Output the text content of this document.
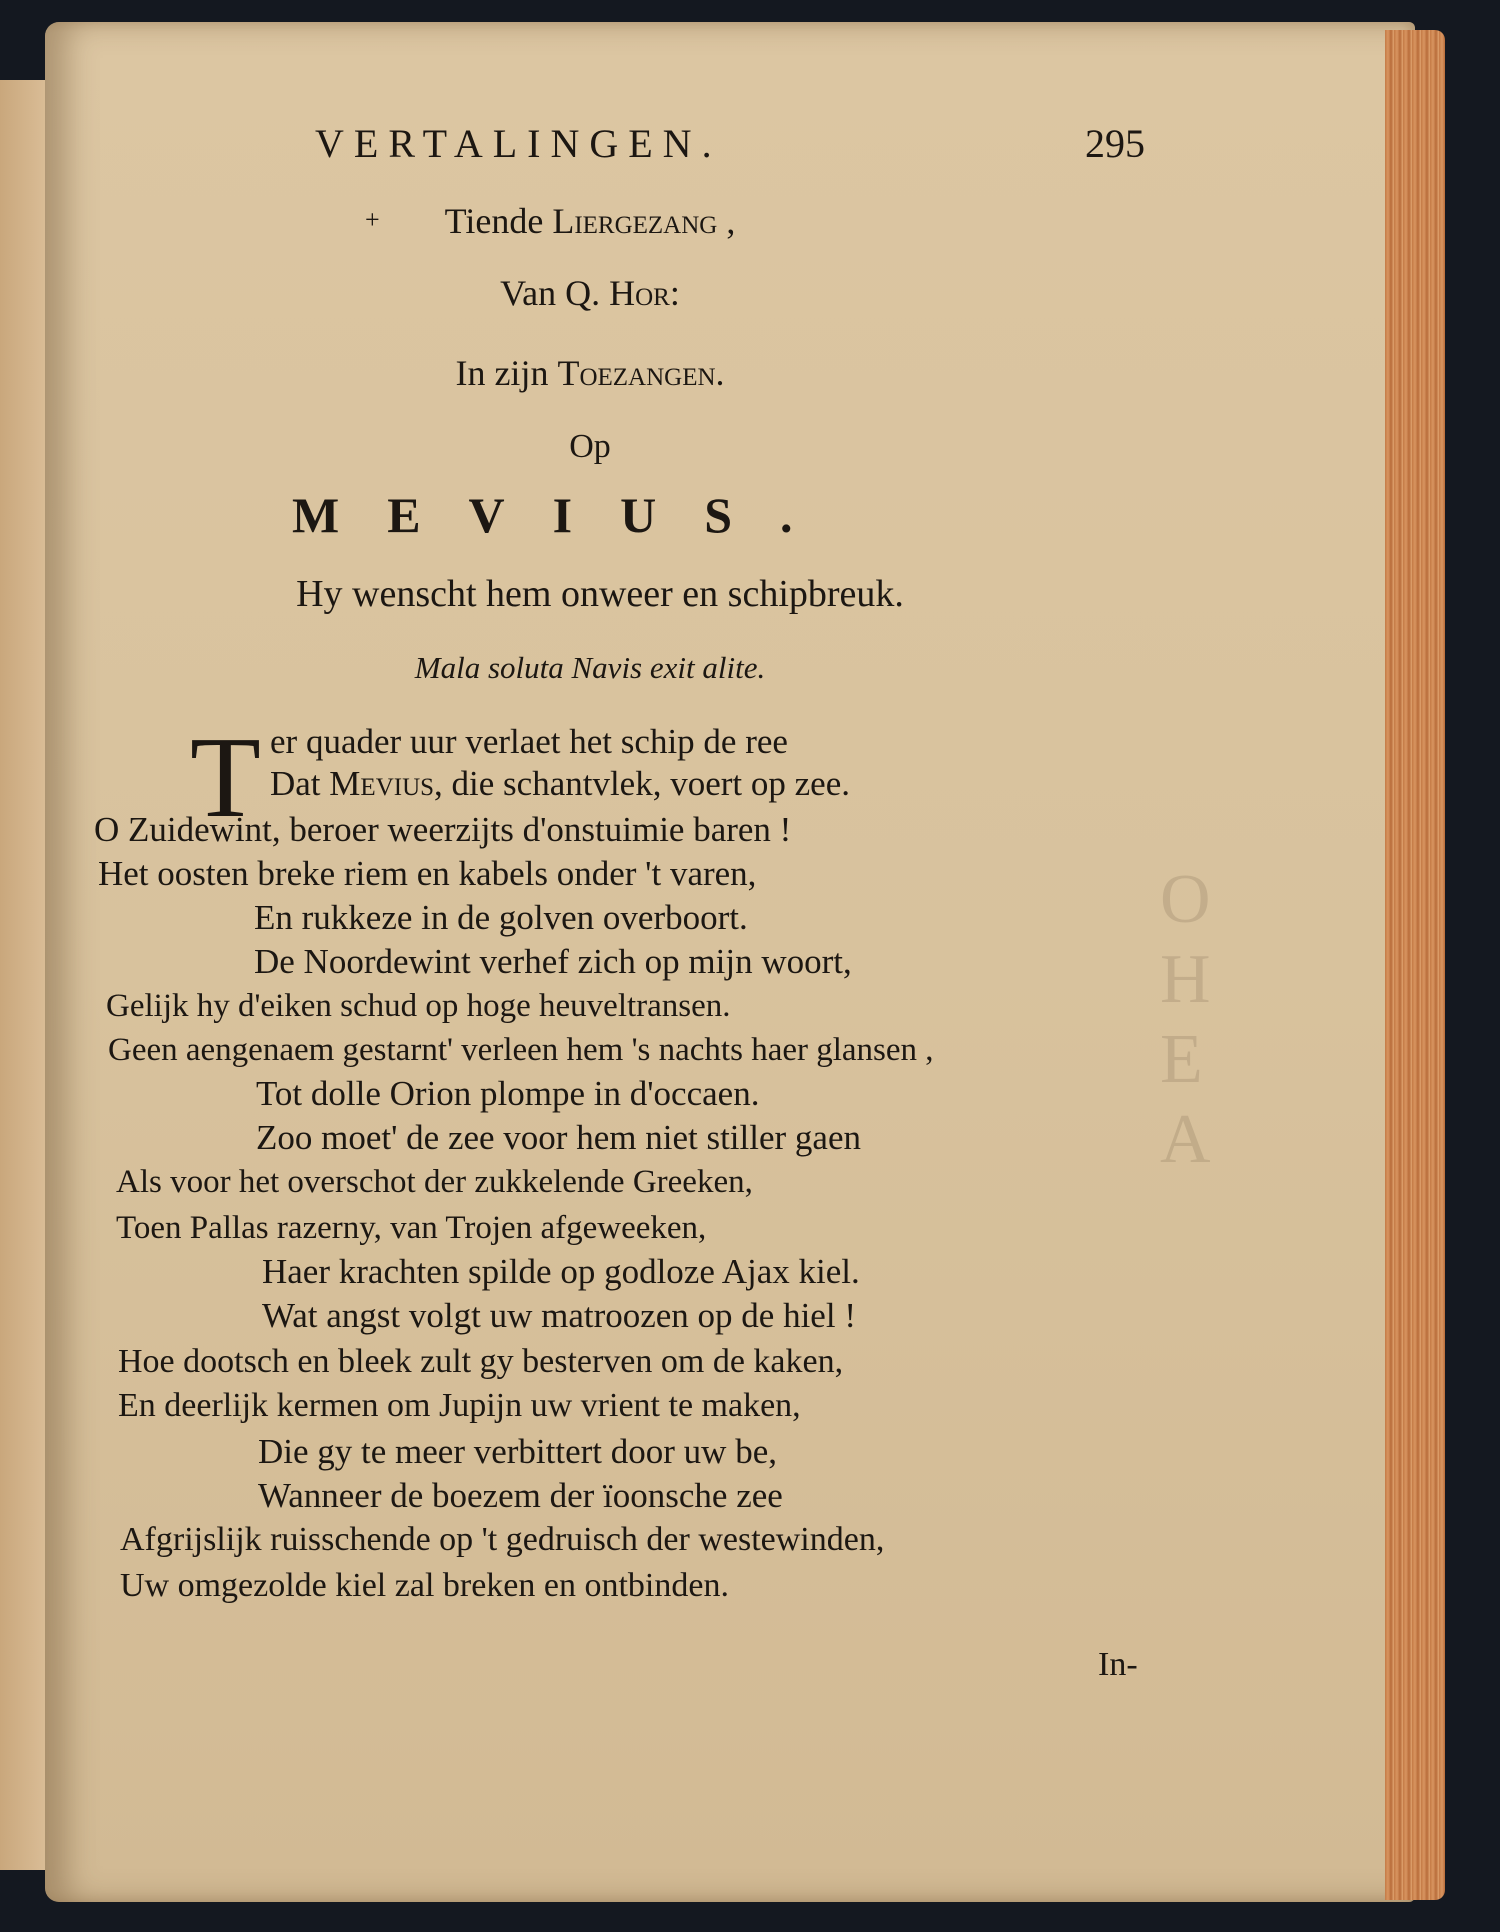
O
H
E
A
VERTALINGEN.	295
+	Tiende Liergezang ,
Van Q. Hor:
In zijn Toezangen.
Op
MEVIUS.
Hy wenscht hem onweer en schipbreuk.
Mala soluta Navis exit alite.
T er quader uur verlaet het schip de ree
Dat Mevius, die schantvlek, voert op zee.
O Zuidewint, beroer weerzijts d'onstuimie baren !
Het oosten breke riem en kabels onder 't varen,
En rukkeze in de golven overboort.
De Noordewint verhef zich op mijn woort,
Gelijk hy d'eiken schud op hoge heuveltransen.
Geen aengenaem gestarnt' verleen hem 's nachts haer glansen ,
Tot dolle Orion plompe in d'occaen.
Zoo moet' de zee voor hem niet stiller gaen
Als voor het overschot der zukkelende Greeken,
Toen Pallas razerny, van Trojen afgeweeken,
Haer krachten spilde op godloze Ajax kiel.
Wat angst volgt uw matroozen op de hiel !
Hoe dootsch en bleek zult gy besterven om de kaken,
En deerlijk kermen om Jupijn uw vrient te maken,
Die gy te meer verbittert door uw be,
Wanneer de boezem der ïoonsche zee
Afgrijslijk ruisschende op 't gedruisch der westewinden,
Uw omgezolde kiel zal breken en ontbinden.
In-
